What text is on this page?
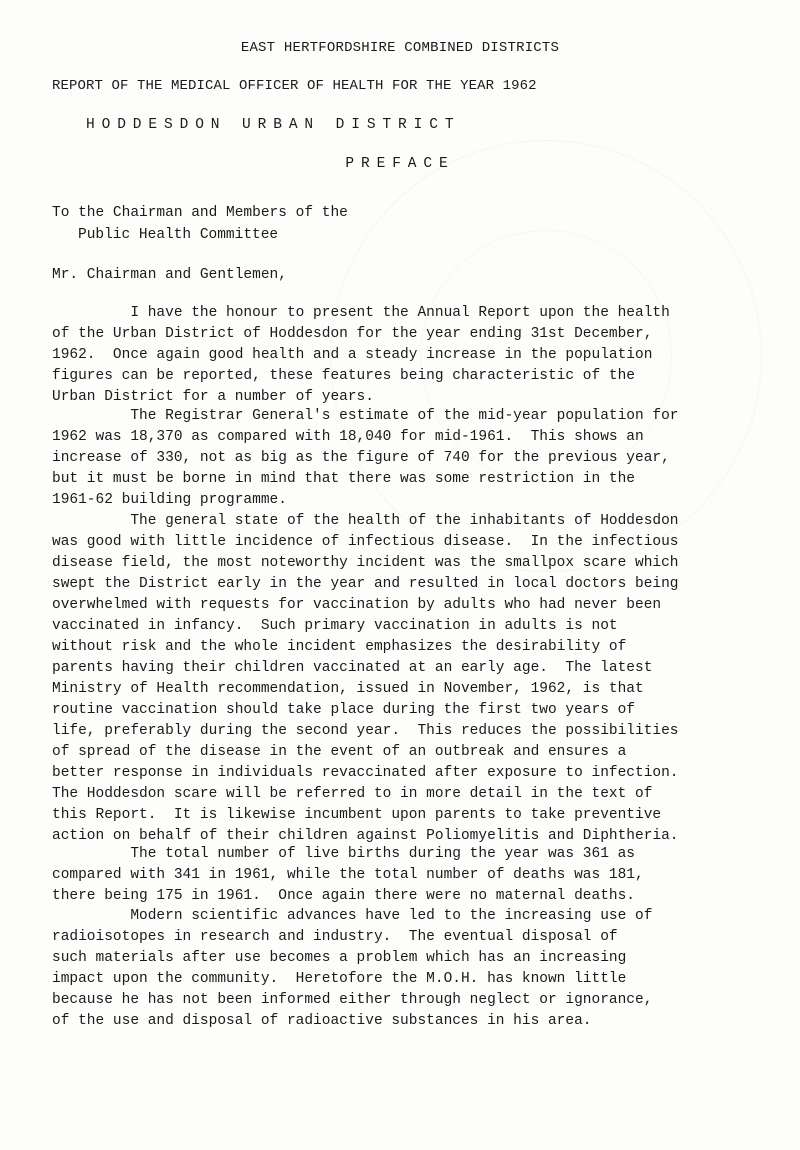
EAST HERTFORDSHIRE COMBINED DISTRICTS
REPORT OF THE MEDICAL OFFICER OF HEALTH FOR THE YEAR 1962
HODDESDON URBAN DISTRICT
PREFACE
To the Chairman and Members of the
Public Health Committee
Mr. Chairman and Gentlemen,
I have the honour to present the Annual Report upon the health
of the Urban District of Hoddesdon for the year ending 31st December,
1962.  Once again good health and a steady increase in the population
figures can be reported, these features being characteristic of the
Urban District for a number of years.
The Registrar General's estimate of the mid-year population for
1962 was 18,370 as compared with 18,040 for mid-1961.  This shows an
increase of 330, not as big as the figure of 740 for the previous year,
but it must be borne in mind that there was some restriction in the
1961-62 building programme.
The general state of the health of the inhabitants of Hoddesdon
was good with little incidence of infectious disease.  In the infectious
disease field, the most noteworthy incident was the smallpox scare which
swept the District early in the year and resulted in local doctors being
overwhelmed with requests for vaccination by adults who had never been
vaccinated in infancy.  Such primary vaccination in adults is not
without risk and the whole incident emphasizes the desirability of
parents having their children vaccinated at an early age.  The latest
Ministry of Health recommendation, issued in November, 1962, is that
routine vaccination should take place during the first two years of
life, preferably during the second year.  This reduces the possibilities
of spread of the disease in the event of an outbreak and ensures a
better response in individuals revaccinated after exposure to infection.
The Hoddesdon scare will be referred to in more detail in the text of
this Report.  It is likewise incumbent upon parents to take preventive
action on behalf of their children against Poliomyelitis and Diphtheria.
The total number of live births during the year was 361 as
compared with 341 in 1961, while the total number of deaths was 181,
there being 175 in 1961.  Once again there were no maternal deaths.
Modern scientific advances have led to the increasing use of
radioisotopes in research and industry.  The eventual disposal of
such materials after use becomes a problem which has an increasing
impact upon the community.  Heretofore the M.O.H. has known little
because he has not been informed either through neglect or ignorance,
of the use and disposal of radioactive substances in his area.
